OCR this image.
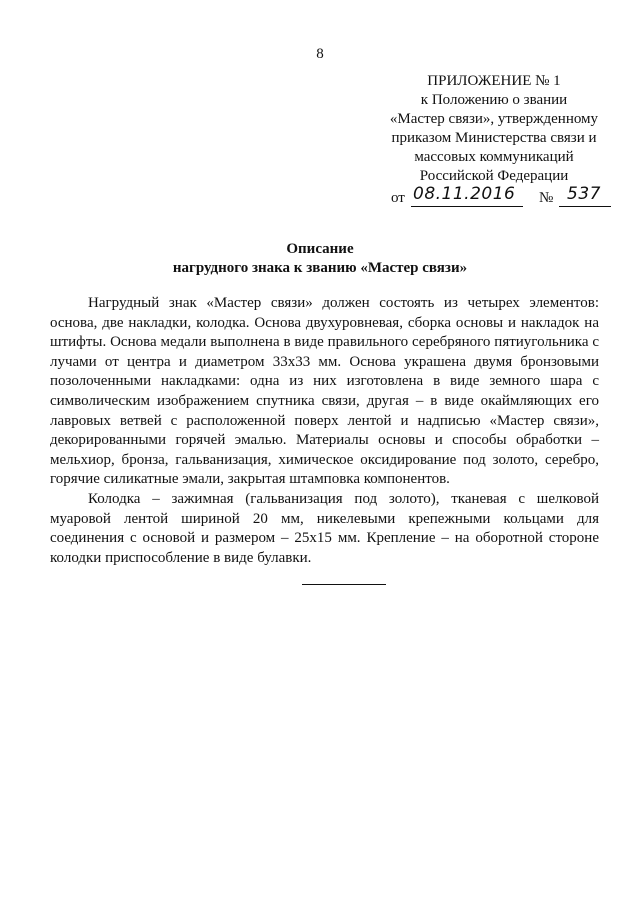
8
ПРИЛОЖЕНИЕ № 1
к Положению о звании
«Мастер связи», утвержденному
приказом Министерства связи и
массовых коммуникаций
Российской Федерации
от 08.11.2016 № 537
Описание
нагрудного знака к званию «Мастер связи»

Нагрудный знак «Мастер связи» должен состоять из четырех элементов: основа, две накладки, колодка. Основа двухуровневая, сборка основы и накладок на штифты. Основа медали выполнена в виде правильного серебряного пятиугольника с лучами от центра и диаметром 33х33 мм. Основа украшена двумя бронзовыми позолоченными накладками: одна из них изготовлена в виде земного шара с символическим изображением спутника связи, другая – в виде окаймляющих его лавровых ветвей с расположенной поверх лентой и надписью «Мастер связи», декорированными горячей эмалью. Материалы основы и способы обработки – мельхиор, бронза, гальванизация, химическое оксидирование под золото, серебро, горячие силикатные эмали, закрытая штамповка компонентов.

Колодка – зажимная (гальванизация под золото), тканевая с шелковой муаровой лентой шириной 20 мм, никелевыми крепежными кольцами для соединения с основой и размером – 25х15 мм. Крепление – на оборотной стороне колодки приспособление в виде булавки.
